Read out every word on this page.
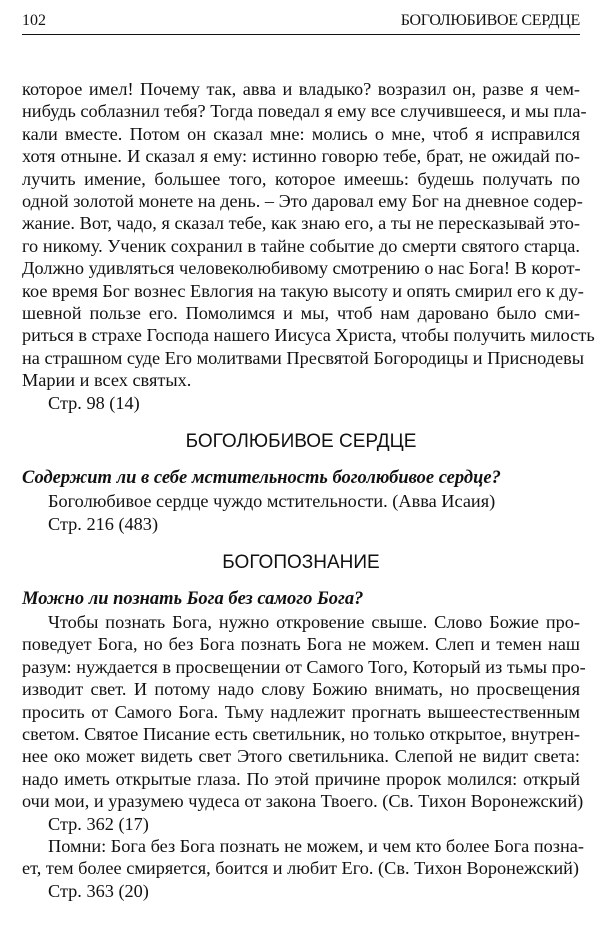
102	БОГОЛЮБИВОЕ СЕРДЦЕ
которое имел! Почему так, авва и владыко? возразил он, разве я чем-
нибудь соблазнил тебя? Тогда поведал я ему все случившееся, и мы пла-
кали вместе. Потом он сказал мне: молись о мне, чтоб я исправился
хотя отныне. И сказал я ему: истинно говорю тебе, брат, не ожидай по-
лучить имение, большее того, которое имеешь: будешь получать по
одной золотой монете на день. – Это даровал ему Бог на дневное содер-
жание. Вот, чадо, я сказал тебе, как знаю его, а ты не пересказывай это-
го никому. Ученик сохранил в тайне событие до смерти святого старца.
Должно удивляться человеколюбивому смотрению о нас Бога! В корот-
кое время Бог вознес Евлогия на такую высоту и опять смирил его к ду-
шевной пользе его. Помолимся и мы, чтоб нам даровано было сми-
риться в страхе Господа нашего Иисуса Христа, чтобы получить милость
на страшном суде Его молитвами Пресвятой Богородицы и Приснодевы
Марии и всех святых.
Стр. 98 (14)
БОГОЛЮБИВОЕ СЕРДЦЕ
Содержит ли в себе мстительность боголюбивое сердце?
Боголюбивое сердце чуждо мстительности. (Авва Исаия)
Стр. 216 (483)
БОГОПОЗНАНИЕ
Можно ли познать Бога без самого Бога?
Чтобы познать Бога, нужно откровение свыше. Слово Божие про-
поведует Бога, но без Бога познать Бога не можем. Слеп и темен наш
разум: нуждается в просвещении от Самого Того, Который из тьмы про-
изводит свет. И потому надо слову Божию внимать, но просвещения
просить от Самого Бога. Тьму надлежит прогнать вышеестественным
светом. Святое Писание есть светильник, но только открытое, внутрен-
нее око может видеть свет Этого светильника. Слепой не видит света:
надо иметь открытые глаза. По этой причине пророк молился: открый
очи мои, и уразумею чудеса от закона Твоего. (Св. Тихон Воронежский)
Стр. 362 (17)
Помни: Бога без Бога познать не можем, и чем кто более Бога позна-
ет, тем более смиряется, боится и любит Его. (Св. Тихон Воронежский)
Стр. 363 (20)
